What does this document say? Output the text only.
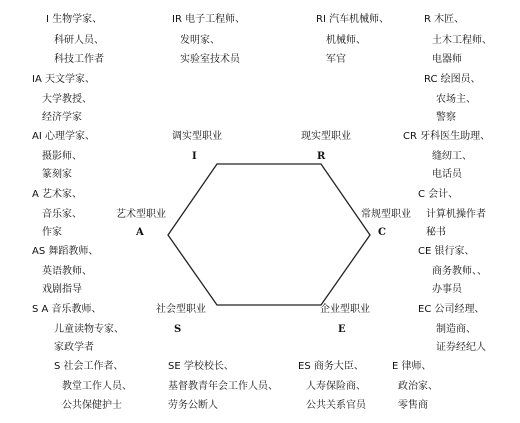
I 生物学家、
科研人员、
科技工作者
IR 电子工程师、
发明家、
实验室技术员
RI 汽车机械师、
机械师、
军官
R 木匠、
土木工程师、
电器师
IA 天文学家、
大学教授、
经济学家
RC 绘图员、
农场主、
警察
AI 心理学家、
摄影师、
篆刻家
CR 牙科医生助理、
缝纫工、
电话员
A 艺术家、
音乐家、
作家
C 会计、
计算机操作者
秘书
AS 舞蹈教师、
英语教师、
戏剧指导
CE 银行家、
商务教师、、
办事员
S A 音乐教师、
儿童读物专家、
家政学者
EC 公司经理、
制造商、
证券经纪人
S 社会工作者、
教堂工作人员、
公共保健护士
SE 学校校长、
基督教青年会工作人员、
劳务公断人
ES 商务大臣、
人寿保险商、
公共关系官员
E 律师、
政治家、
零售商
调实型职业
I
现实型职业
R
艺术型职业
A
常规型职业
C
社会型职业
S
企业型职业
E
